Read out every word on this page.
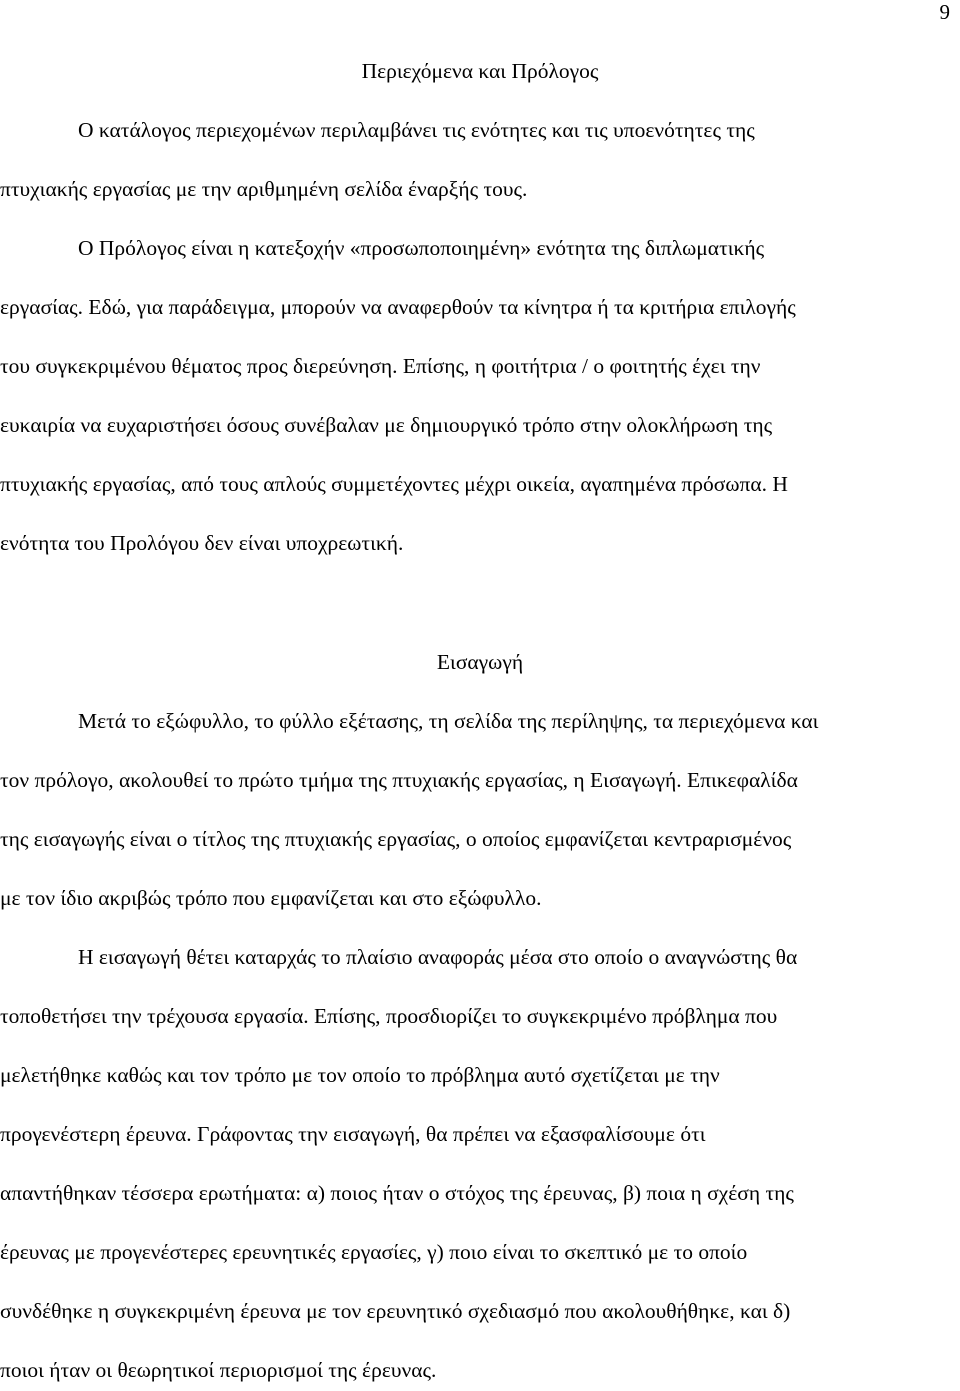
9
Περιεχόμενα και Πρόλογος
Ο κατάλογος περιεχομένων περιλαμβάνει τις ενότητες και τις υποενότητες της
πτυχιακής εργασίας με την αριθμημένη σελίδα έναρξής τους.
Ο Πρόλογος είναι η κατεξοχήν «προσωποποιημένη» ενότητα της διπλωματικής
εργασίας. Εδώ, για παράδειγμα, μπορούν να αναφερθούν τα κίνητρα ή τα κριτήρια επιλογής
του συγκεκριμένου θέματος προς διερεύνηση. Επίσης, η φοιτήτρια / ο φοιτητής έχει την
ευκαιρία να ευχαριστήσει όσους συνέβαλαν με δημιουργικό τρόπο στην ολοκλήρωση της
πτυχιακής εργασίας, από τους απλούς συμμετέχοντες μέχρι οικεία, αγαπημένα πρόσωπα. Η
ενότητα του Προλόγου δεν είναι υποχρεωτική.
Εισαγωγή
Μετά το εξώφυλλο, το φύλλο εξέτασης, τη σελίδα της περίληψης, τα περιεχόμενα και
τον πρόλογο, ακολουθεί το πρώτο τμήμα της πτυχιακής εργασίας, η Εισαγωγή. Επικεφαλίδα
της εισαγωγής είναι ο τίτλος της πτυχιακής εργασίας, ο οποίος εμφανίζεται κεντραρισμένος
με τον ίδιο ακριβώς τρόπο που εμφανίζεται και στο εξώφυλλο.
Η εισαγωγή θέτει καταρχάς το πλαίσιο αναφοράς μέσα στο οποίο ο αναγνώστης θα
τοποθετήσει την τρέχουσα εργασία. Επίσης, προσδιορίζει το συγκεκριμένο πρόβλημα που
μελετήθηκε καθώς και τον τρόπο με τον οποίο το πρόβλημα αυτό σχετίζεται με την
προγενέστερη έρευνα. Γράφοντας την εισαγωγή, θα πρέπει να εξασφαλίσουμε ότι
απαντήθηκαν τέσσερα ερωτήματα: α) ποιος ήταν ο στόχος της έρευνας, β) ποια η σχέση της
έρευνας με προγενέστερες ερευνητικές εργασίες, γ) ποιο είναι το σκεπτικό με το οποίο
συνδέθηκε η συγκεκριμένη έρευνα με τον ερευνητικό σχεδιασμό που ακολουθήθηκε, και δ)
ποιοι ήταν οι θεωρητικοί περιορισμοί της έρευνας.
